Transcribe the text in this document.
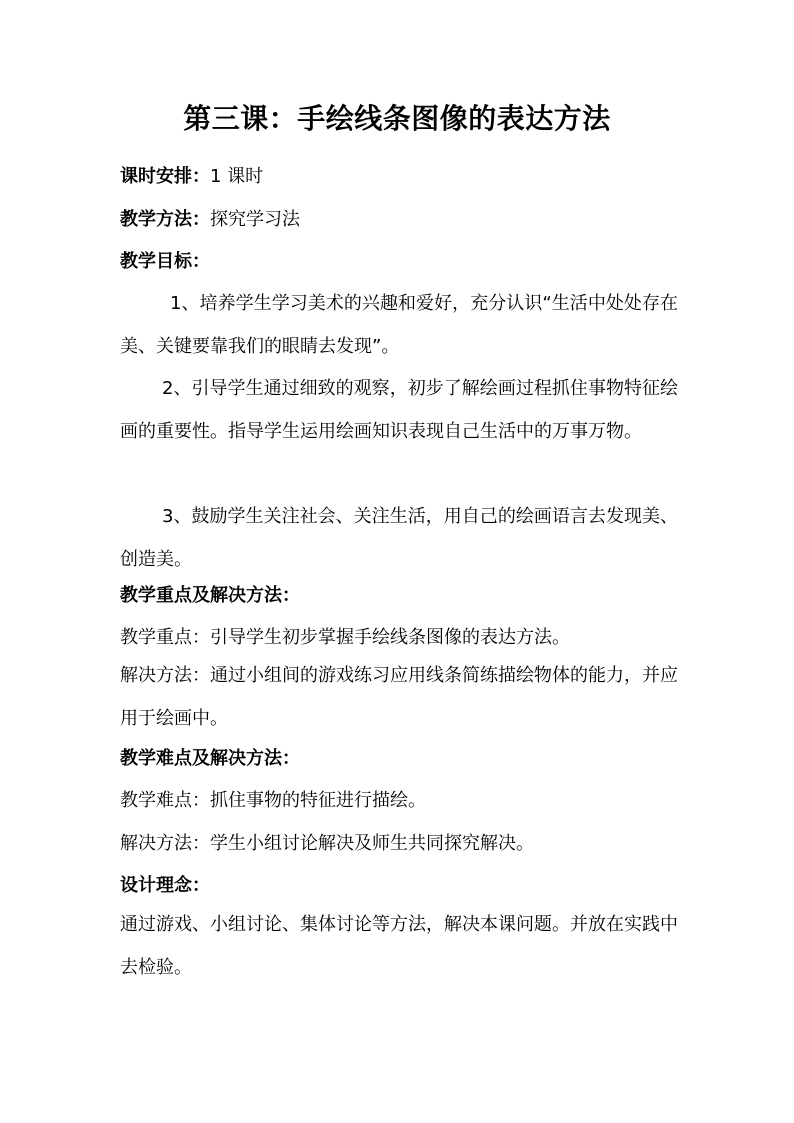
第三课：手绘线条图像的表达方法
课时安排：1 课时
教学方法：探究学习法
教学目标：
1、培养学生学习美术的兴趣和爱好，充分认识“生活中处处存在美、关键要靠我们的眼睛去发现”。
2、引导学生通过细致的观察，初步了解绘画过程抓住事物特征绘画的重要性。指导学生运用绘画知识表现自己生活中的万事万物。
3、鼓励学生关注社会、关注生活，用自己的绘画语言去发现美、创造美。
教学重点及解决方法：
教学重点：引导学生初步掌握手绘线条图像的表达方法。
解决方法：通过小组间的游戏练习应用线条简练描绘物体的能力，并应用于绘画中。
教学难点及解决方法：
教学难点：抓住事物的特征进行描绘。
解决方法：学生小组讨论解决及师生共同探究解决。
设计理念：
通过游戏、小组讨论、集体讨论等方法，解决本课问题。并放在实践中去检验。
